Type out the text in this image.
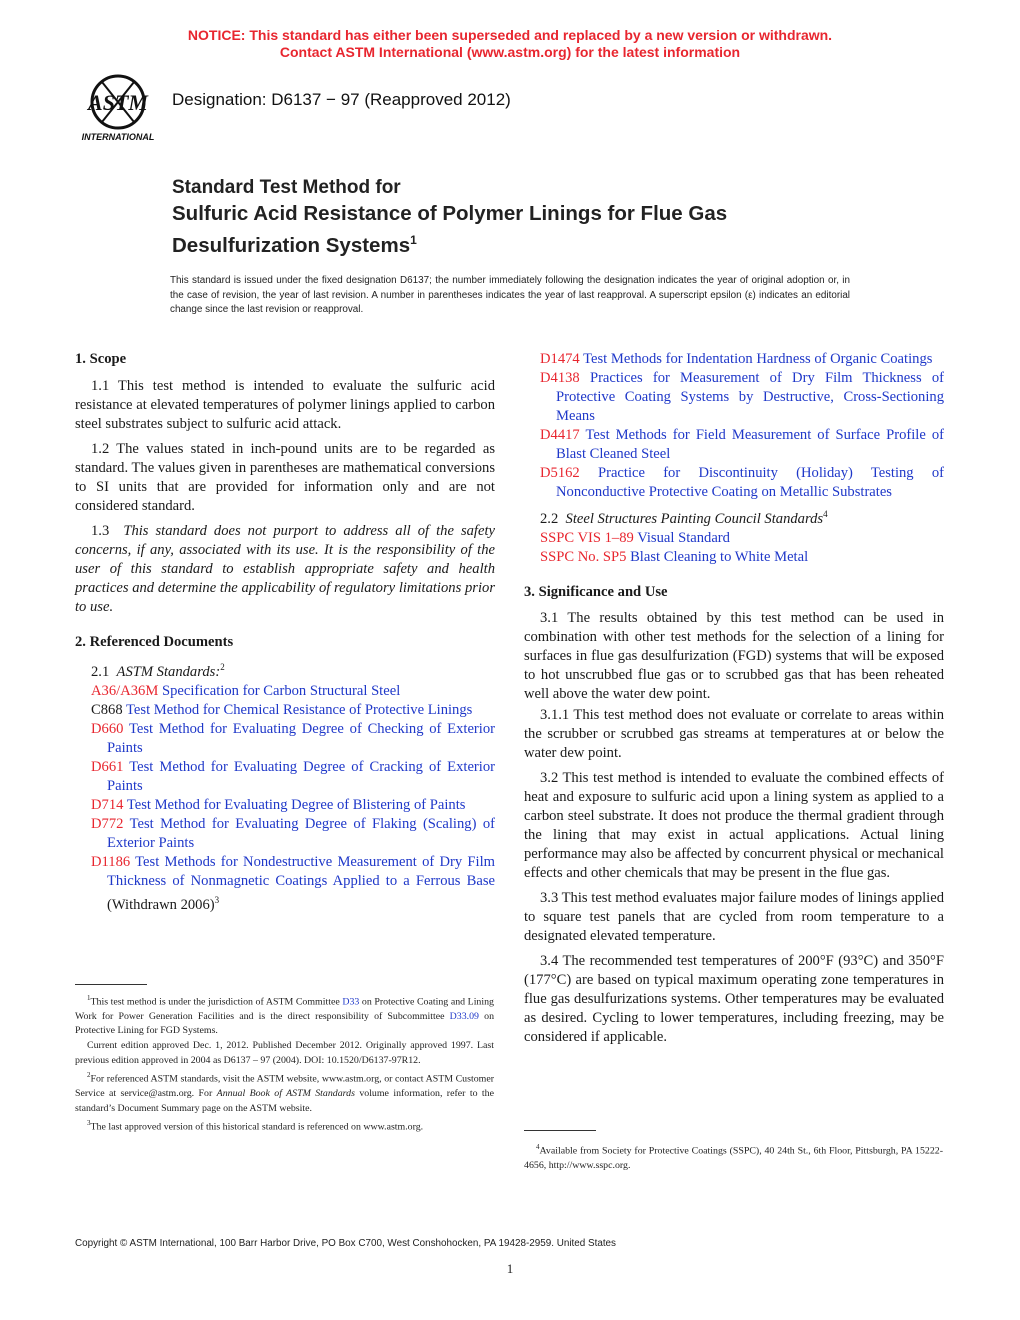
NOTICE: This standard has either been superseded and replaced by a new version or withdrawn.
Contact ASTM International (www.astm.org) for the latest information
ASTM
INTERNATIONAL
Designation: D6137 − 97 (Reapproved 2012)
Standard Test Method for
Sulfuric Acid Resistance of Polymer Linings for Flue Gas
Desulfurization Systems$^1$
This standard is issued under the fixed designation D6137; the number immediately following the designation indicates the year of original adoption or, in the case of revision, the year of last revision. A number in parentheses indicates the year of last reapproval. A superscript epsilon (ε) indicates an editorial change since the last revision or reapproval.
1. Scope

1.1 This test method is intended to evaluate the sulfuric acid resistance at elevated temperatures of polymer linings applied to carbon steel substrates subject to sulfuric acid attack.

1.2 The values stated in inch-pound units are to be regarded as standard. The values given in parentheses are mathematical conversions to SI units that are provided for information only and are not considered standard.

1.3 This standard does not purport to address all of the safety concerns, if any, associated with its use. It is the responsibility of the user of this standard to establish appropriate safety and health practices and determine the applicability of regulatory limitations prior to use.

2. Referenced Documents

2.1 ASTM Standards:$^2$

A36/A36M Specification for Carbon Structural Steel
C868 Test Method for Chemical Resistance of Protective Linings
D660 Test Method for Evaluating Degree of Checking of Exterior Paints
D661 Test Method for Evaluating Degree of Cracking of Exterior Paints
D714 Test Method for Evaluating Degree of Blistering of Paints
D772 Test Method for Evaluating Degree of Flaking (Scaling) of Exterior Paints
D1186 Test Methods for Nondestructive Measurement of Dry Film Thickness of Nonmagnetic Coatings Applied to a Ferrous Base (Withdrawn 2006)$^3$
D1474 Test Methods for Indentation Hardness of Organic Coatings
D4138 Practices for Measurement of Dry Film Thickness of Protective Coating Systems by Destructive, Cross-Sectioning Means
D4417 Test Methods for Field Measurement of Surface Profile of Blast Cleaned Steel
D5162 Practice for Discontinuity (Holiday) Testing of Nonconductive Protective Coating on Metallic Substrates

2.2 Steel Structures Painting Council Standards$^4$

SSPC VIS 1–89 Visual Standard
SSPC No. SP5 Blast Cleaning to White Metal
3. Significance and Use

3.1 The results obtained by this test method can be used in combination with other test methods for the selection of a lining for surfaces in flue gas desulfurization (FGD) systems that will be exposed to hot unscrubbed flue gas or to scrubbed gas that has been reheated well above the water dew point.

3.1.1 This test method does not evaluate or correlate to areas within the scrubber or scrubbed gas streams at temperatures at or below the water dew point.

3.2 This test method is intended to evaluate the combined effects of heat and exposure to sulfuric acid upon a lining system as applied to a carbon steel substrate. It does not produce the thermal gradient through the lining that may exist in actual applications. Actual lining performance may also be affected by concurrent physical or mechanical effects and other chemicals that may be present in the flue gas.

3.3 This test method evaluates major failure modes of linings applied to square test panels that are cycled from room temperature to a designated elevated temperature.

3.4 The recommended test temperatures of 200°F (93°C) and 350°F (177°C) are based on typical maximum operating zone temperatures in flue gas desulfurizations systems. Other temperatures may be evaluated as desired. Cycling to lower temperatures, including freezing, may be considered if applicable.

$^1$This test method is under the jurisdiction of ASTM Committee D33 on Protective Coating and Lining Work for Power Generation Facilities and is the direct responsibility of Subcommittee D33.09 on Protective Lining for FGD Systems.

Current edition approved Dec. 1, 2012. Published December 2012. Originally approved 1997. Last previous edition approved in 2004 as D6137 – 97 (2004). DOI: 10.1520/D6137-97R12.

$^2$For referenced ASTM standards, visit the ASTM website, www.astm.org, or contact ASTM Customer Service at service@astm.org. For Annual Book of ASTM Standards volume information, refer to the standard’s Document Summary page on the ASTM website.

$^3$The last approved version of this historical standard is referenced on www.astm.org.

$^4$Available from Society for Protective Coatings (SSPC), 40 24th St., 6th Floor, Pittsburgh, PA 15222-4656, http://www.sspc.org.

Copyright © ASTM International, 100 Barr Harbor Drive, PO Box C700, West Conshohocken, PA 19428-2959. United States
1
